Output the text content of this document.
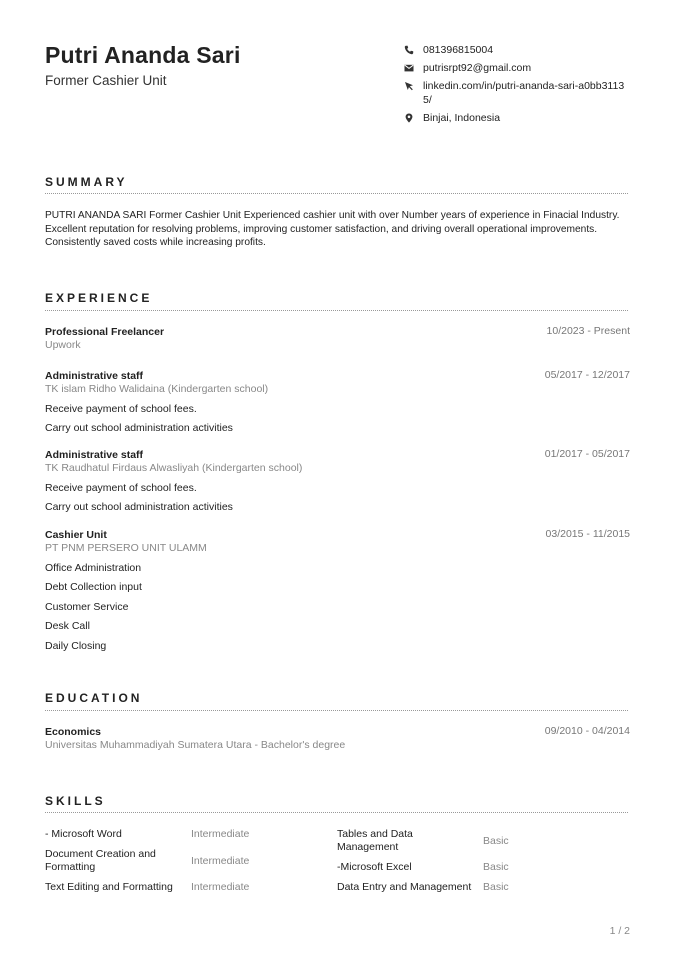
Putri Ananda Sari
Former Cashier Unit
081396815004
putrisrpt92@gmail.com
linkedin.com/in/putri-ananda-sari-a0bb31135/
Binjai, Indonesia
SUMMARY
PUTRI ANANDA SARI Former Cashier Unit Experienced cashier unit with over Number years of experience in Finacial Industry. Excellent reputation for resolving problems, improving customer satisfaction, and driving overall operational improvements. Consistently saved costs while increasing profits.
EXPERIENCE
Professional Freelancer
Upwork
10/2023 - Present
Administrative staff
TK islam Ridho Walidaina (Kindergarten school)
05/2017 - 12/2017
Receive payment of school fees.
Carry out school administration activities
Administrative staff
TK Raudhatul Firdaus Alwasliyah (Kindergarten school)
01/2017 - 05/2017
Receive payment of school fees.
Carry out school administration activities
Cashier Unit
PT PNM PERSERO UNIT ULAMM
03/2015 - 11/2015
Office Administration
Debt Collection input
Customer Service
Desk Call
Daily Closing
EDUCATION
Economics
Universitas Muhammadiyah Sumatera Utara - Bachelor's degree
09/2010 - 04/2014
SKILLS
- Microsoft Word	Intermediate
Document Creation and Formatting	Intermediate
Text Editing and Formatting	Intermediate
Tables and Data Management	Basic
-Microsoft Excel	Basic
Data Entry and Management	Basic
1 / 2
